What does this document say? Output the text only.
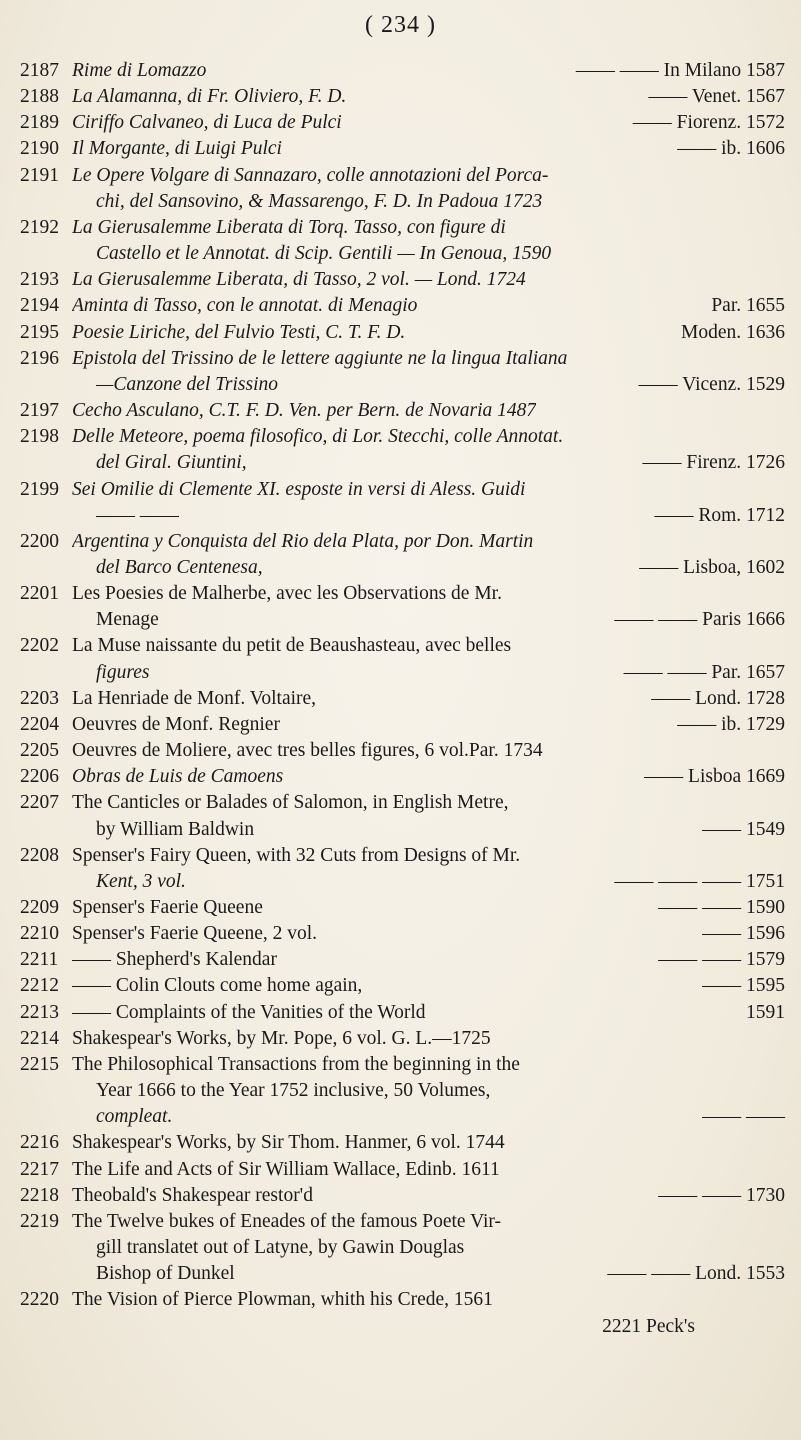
( 234 )
2187 Rime di Lomazzo	—— —— In Milano 1587
2188 La Alamanna, di Fr. Oliviero, F. D.	—— Venet. 1567
2189 Ciriffo Calvaneo, di Luca de Pulci	—— Fiorenz. 1572
2190 Il Morgante, di Luigi Pulci	—— ib. 1606
2191 Le Opere Volgare di Sannazaro, colle annotazioni del Porca-
chi, del Sansovino, & Massarengo, F. D. In Padoua 1723
2192 La Gierusalemme Liberata di Torq. Tasso, con figure di
Castello et le Annotat. di Scip. Gentili — In Genoua, 1590
2193 La Gierusalemme Liberata, di Tasso, 2 vol. — Lond. 1724
2194 Aminta di Tasso, con le annotat. di Menagio	Par. 1655
2195 Poesie Liriche, del Fulvio Testi, C. T. F. D.	Moden. 1636
2196 Epistola del Trissino de le lettere aggiunte ne la lingua Italiana
—Canzone del Trissino	—— Vicenz. 1529
2197 Cecho Asculano, C.T. F. D. Ven. per Bern. de Novaria 1487
2198 Delle Meteore, poema filosofico, di Lor. Stecchi, colle Annotat.
del Giral. Giuntini,	—— Firenz. 1726
2199 Sei Omilie di Clemente XI. esposte in versi di Aless. Guidi
—— ——	—— Rom. 1712
2200 Argentina y Conquista del Rio dela Plata, por Don. Martin
del Barco Centenesa,	—— Lisboa, 1602
2201 Les Poesies de Malherbe, avec les Observations de Mr.
Menage	—— —— Paris 1666
2202 La Muse naissante du petit de Beaushasteau, avec belles
figures	—— —— Par. 1657
2203 La Henriade de Monf. Voltaire,	—— Lond. 1728
2204 Oeuvres de Monf. Regnier	—— ib. 1729
2205 Oeuvres de Moliere, avec tres belles figures, 6 vol.Par. 1734
2206 Obras de Luis de Camoens	—— Lisboa 1669
2207 The Canticles or Balades of Salomon, in English Metre,
by William Baldwin	—— 1549
2208 Spenser's Fairy Queen, with 32 Cuts from Designs of Mr.
Kent, 3 vol.	—— —— —— 1751
2209 Spenser's Faerie Queene	—— —— 1590
2210 Spenser's Faerie Queene, 2 vol.	—— 1596
2211 —— Shepherd's Kalendar	—— —— 1579
2212 —— Colin Clouts come home again,	—— 1595
2213 —— Complaints of the Vanities of the World	1591
2214 Shakespear's Works, by Mr. Pope, 6 vol. G. L.—1725
2215 The Philosophical Transactions from the beginning in the
Year 1666 to the Year 1752 inclusive, 50 Volumes,
compleat.	—— ——
2216 Shakespear's Works, by Sir Thom. Hanmer, 6 vol. 1744
2217 The Life and Acts of Sir William Wallace, Edinb. 1611
2218 Theobald's Shakespear restor'd	—— —— 1730
2219 The Twelve bukes of Eneades of the famous Poete Vir-
gill translatet out of Latyne, by Gawin Douglas
Bishop of Dunkel	—— —— Lond. 1553
2220 The Vision of Pierce Plowman, whith his Crede, 1561
2221 Peck's
